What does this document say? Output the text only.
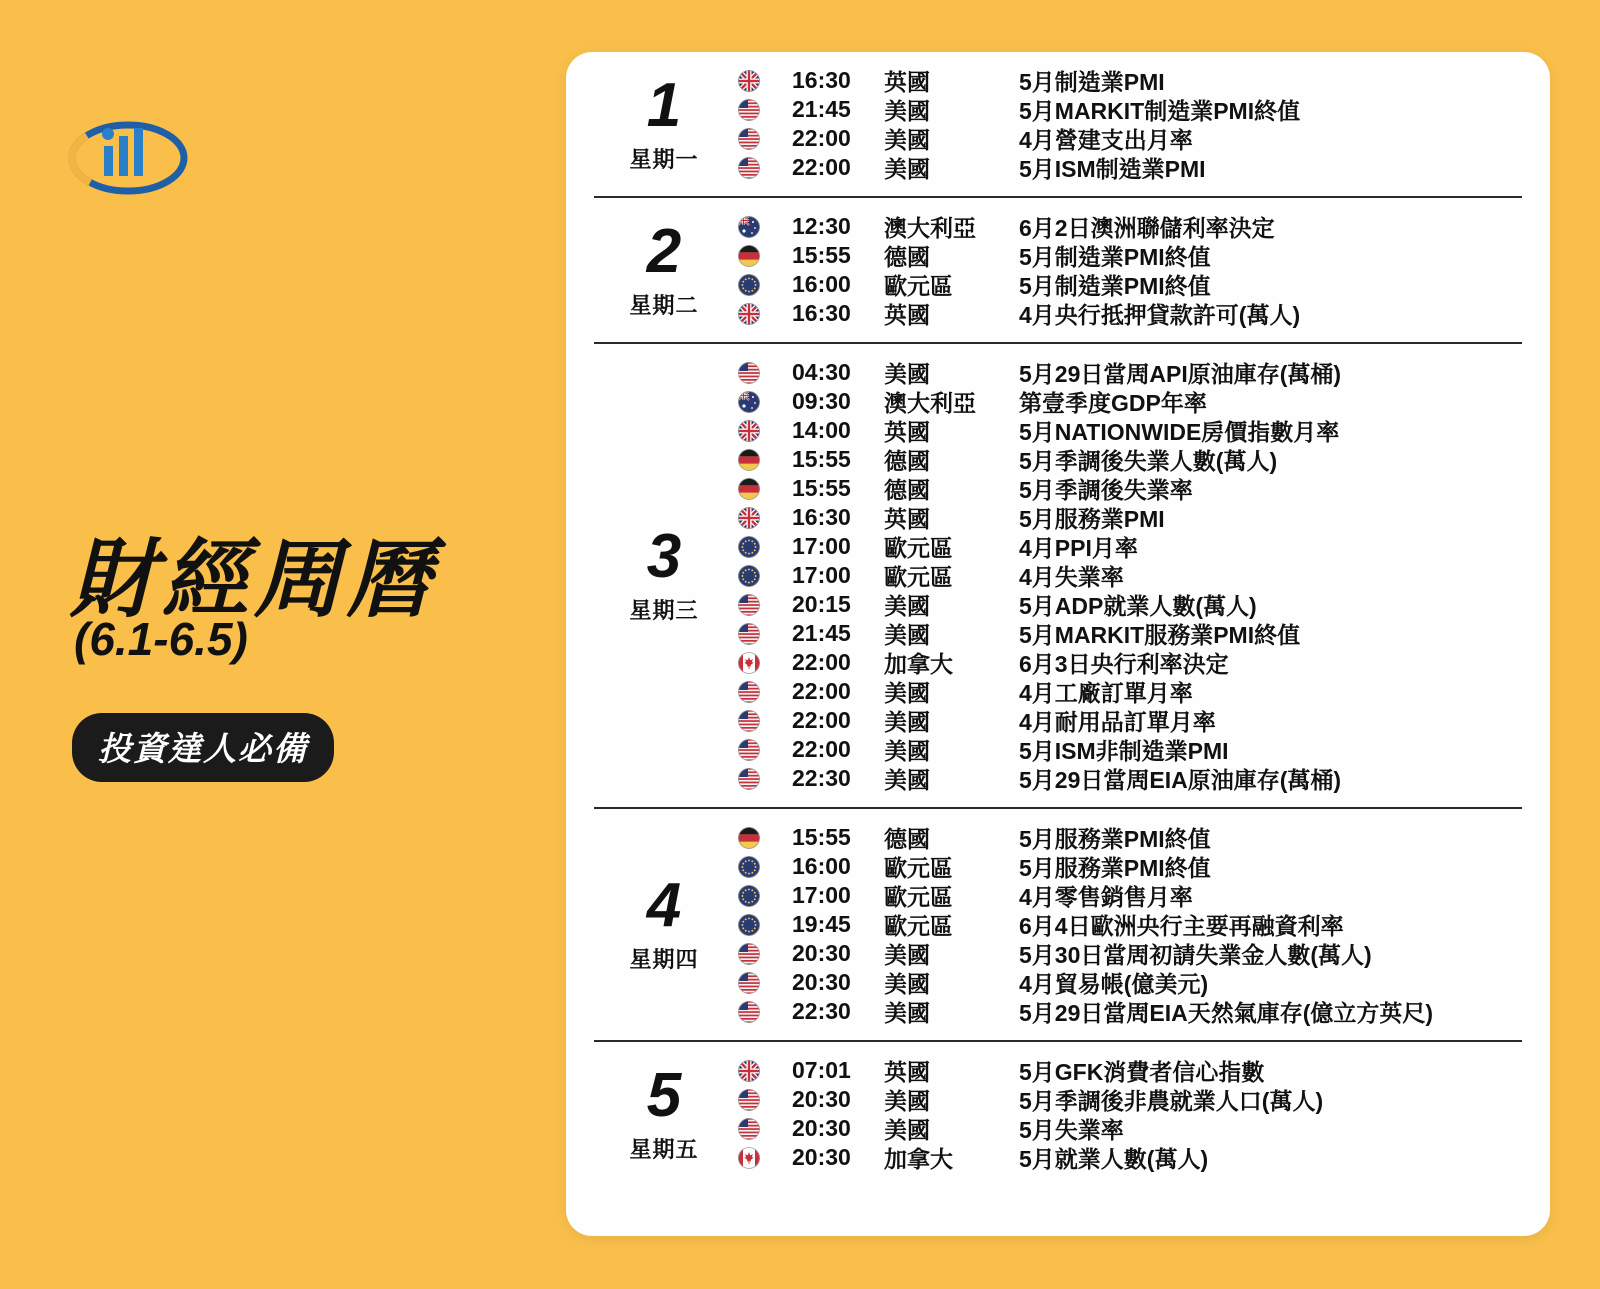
財經周曆
(6.1-6.5)
投資達人必備
1
星期一
16:30	英國	5月制造業PMI
21:45	美國	5月MARKIT制造業PMI終值
22:00	美國	4月營建支出月率
22:00	美國	5月ISM制造業PMI
2
星期二
12:30	澳大利亞	6月2日澳洲聯儲利率決定
15:55	德國	5月制造業PMI終值
16:00	歐元區	5月制造業PMI終值
16:30	英國	4月央行抵押貸款許可(萬人)
3
星期三
04:30	美國	5月29日當周API原油庫存(萬桶)
09:30	澳大利亞	第壹季度GDP年率
14:00	英國	5月NATIONWIDE房價指數月率
15:55	德國	5月季調後失業人數(萬人)
15:55	德國	5月季調後失業率
16:30	英國	5月服務業PMI
17:00	歐元區	4月PPI月率
17:00	歐元區	4月失業率
20:15	美國	5月ADP就業人數(萬人)
21:45	美國	5月MARKIT服務業PMI終值
22:00	加拿大	6月3日央行利率決定
22:00	美國	4月工廠訂單月率
22:00	美國	4月耐用品訂單月率
22:00	美國	5月ISM非制造業PMI
22:30	美國	5月29日當周EIA原油庫存(萬桶)
4
星期四
15:55	德國	5月服務業PMI終值
16:00	歐元區	5月服務業PMI終值
17:00	歐元區	4月零售銷售月率
19:45	歐元區	6月4日歐洲央行主要再融資利率
20:30	美國	5月30日當周初請失業金人數(萬人)
20:30	美國	4月貿易帳(億美元)
22:30	美國	5月29日當周EIA天然氣庫存(億立方英尺)
5
星期五
07:01	英國	5月GFK消費者信心指數
20:30	美國	5月季調後非農就業人口(萬人)
20:30	美國	5月失業率
20:30	加拿大	5月就業人數(萬人)
